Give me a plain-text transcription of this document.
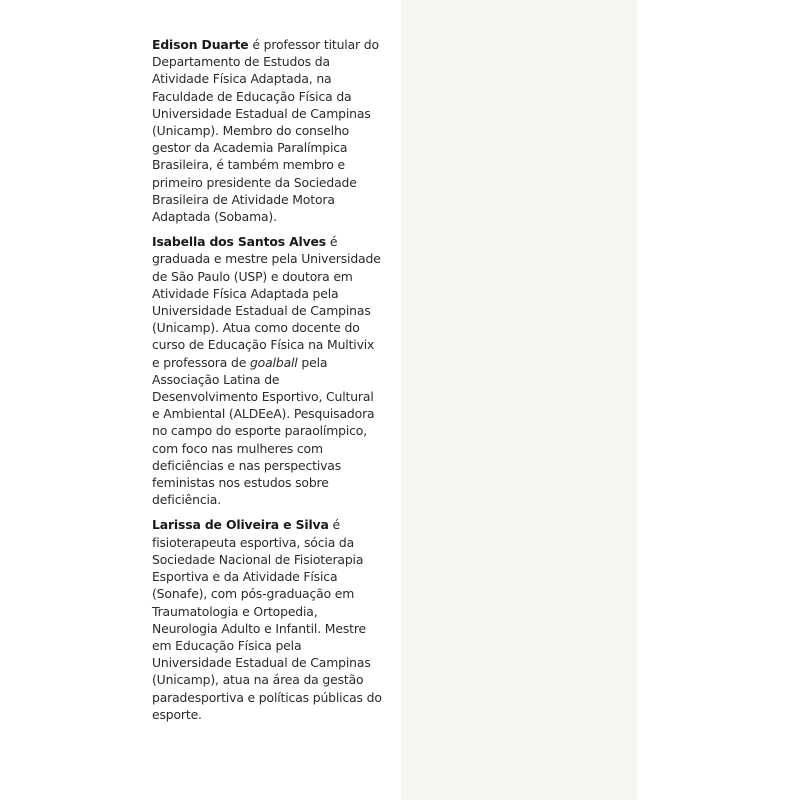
Edison Duarte é professor titular do Departamento de Estudos da Atividade Física Adaptada, na Faculdade de Educação Física da Universidade Estadual de Campinas (Unicamp). Membro do conselho gestor da Academia Paralímpica Brasileira, é também membro e primeiro presidente da Sociedade Brasileira de Atividade Motora Adaptada (Sobama).

Isabella dos Santos Alves é graduada e mestre pela Universidade de São Paulo (USP) e doutora em Atividade Física Adaptada pela Universidade Estadual de Campinas (Unicamp). Atua como docente do curso de Educação Física na Multivix e professora de goalball pela Associação Latina de Desenvolvimento Esportivo, Cultural e Ambiental (ALDEeA). Pesquisadora no campo do esporte paraolímpico, com foco nas mulheres com deficiências e nas perspectivas feministas nos estudos sobre deficiência.

Larissa de Oliveira e Silva é fisioterapeuta esportiva, sócia da Sociedade Nacional de Fisioterapia Esportiva e da Atividade Física (Sonafe), com pós-graduação em Traumatologia e Ortopedia, Neurologia Adulto e Infantil. Mestre em Educação Física pela Universidade Estadual de Campinas (Unicamp), atua na área da gestão paradesportiva e políticas públicas do esporte.
